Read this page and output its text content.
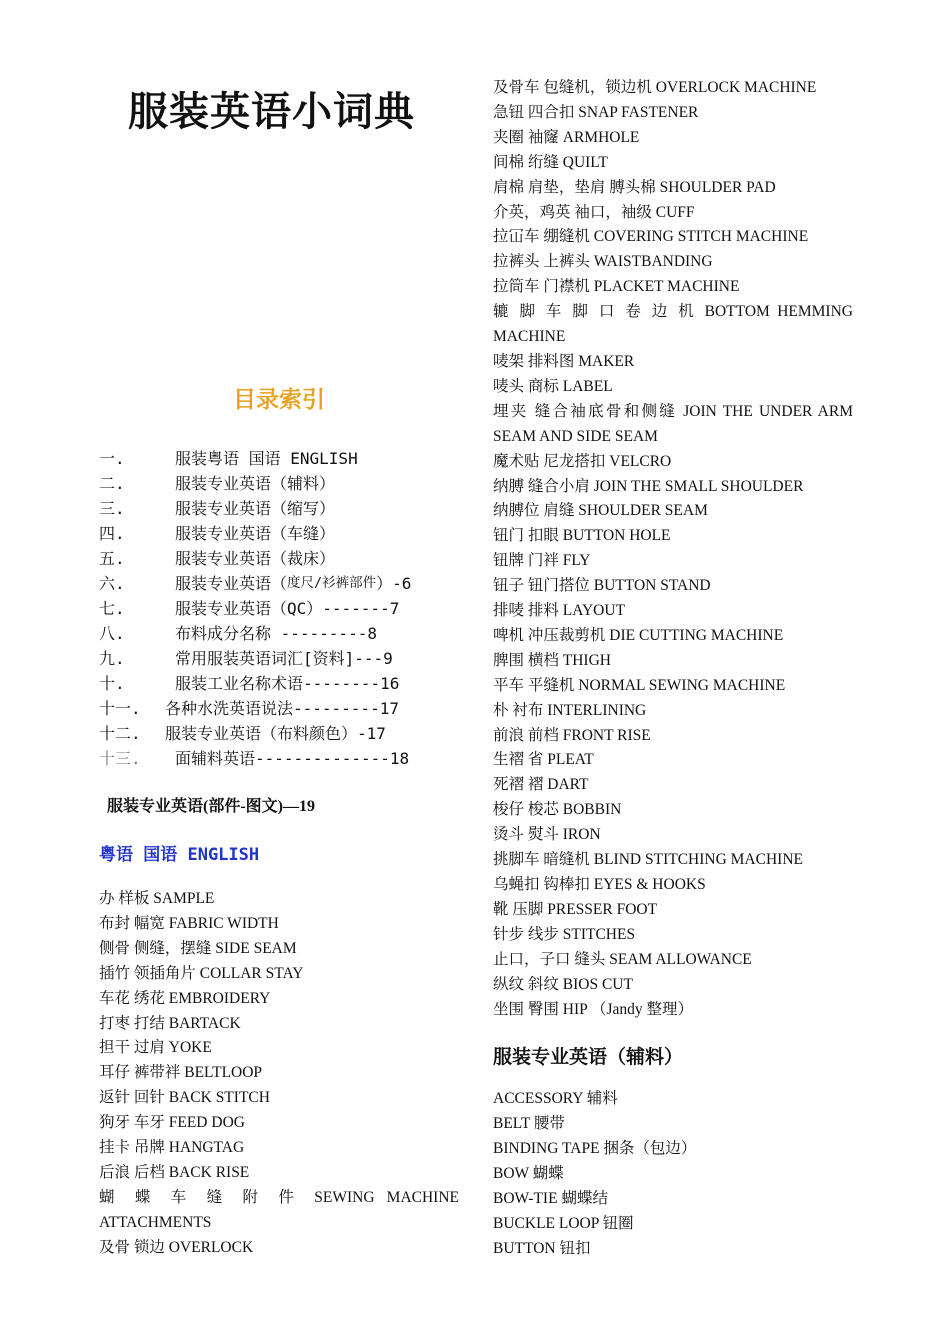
服装英语小词典
目录索引
一.	服装粤语 国语 ENGLISH
二.	服装专业英语（辅料）
三.	服装专业英语（缩写）
四.	服装专业英语（车缝）
五.	服装专业英语（裁床）
六.	服装专业英语（ 度尺/衫裤部件 ）-6
七.	服装专业英语（QC）-------7
八.	布料成分名称 ---------8
九.	常用服装英语词汇[资料]---9
十.	服装工业名称术语--------16
十一.	各种水洗英语说法---------17
十二.	服装专业英语（布料颜色）-17
十三.	面辅料英语--------------18
服装专业英语(部件-图文)—19
粤语 国语 ENGLISH
办 样板 SAMPLE
布封 幅宽 FABRIC WIDTH
侧骨 侧缝，摆缝 SIDE SEAM
插竹 领插角片 COLLAR STAY
车花 绣花 EMBROIDERY
打枣 打结 BARTACK
担干 过肩 YOKE
耳仔 裤带袢 BELTLOOP
返针 回针 BACK STITCH
狗牙 车牙 FEED DOG
挂卡 吊牌 HANGTAG
后浪 后档 BACK RISE
蝴 蝶 车 缝 附 件 SEWING MACHINE
ATTACHMENTS
及骨 锁边 OVERLOCK
及骨车 包缝机，锁边机 OVERLOCK MACHINE
急钮 四合扣 SNAP FASTENER
夹圈 袖窿 ARMHOLE
间棉 绗缝 QUILT
肩棉 肩垫，垫肩 膊头棉 SHOULDER PAD
介英，鸡英 袖口，袖级 CUFF
拉冚车 绷缝机 COVERING STITCH MACHINE
拉裤头 上裤头 WAISTBANDING
拉筒车 门襟机 PLACKET MACHINE
辘 脚 车 脚 口 卷 边 机 BOTTOM HEMMING
MACHINE
唛架 排料图 MAKER
唛头 商标 LABEL
埋夹 缝合袖底骨和侧缝 JOIN THE UNDER ARM
SEAM AND SIDE SEAM
魔术贴 尼龙搭扣 VELCRO
纳膊 缝合小肩 JOIN THE SMALL SHOULDER
纳膊位 肩缝 SHOULDER SEAM
钮门 扣眼 BUTTON HOLE
钮牌 门袢 FLY
钮子 钮门搭位 BUTTON STAND
排唛 排料 LAYOUT
啤机 冲压裁剪机 DIE CUTTING MACHINE
脾围 横档 THIGH
平车 平缝机 NORMAL SEWING MACHINE
朴 衬布 INTERLINING
前浪 前档 FRONT RISE
生褶 省 PLEAT
死褶 褶 DART
梭仔 梭芯 BOBBIN
烫斗 熨斗 IRON
挑脚车 暗缝机 BLIND STITCHING MACHINE
乌蝇扣 钩棒扣 EYES & HOOKS
靴 压脚 PRESSER FOOT
针步 线步 STITCHES
止口，子口 缝头 SEAM ALLOWANCE
纵纹 斜纹 BIOS CUT
坐围 臀围 HIP （Jandy 整理）
服装专业英语（辅料）
ACCESSORY 辅料
BELT 腰带
BINDING TAPE 捆条（包边）
BOW 蝴蝶
BOW-TIE 蝴蝶结
BUCKLE LOOP 钮圈
BUTTON 钮扣
